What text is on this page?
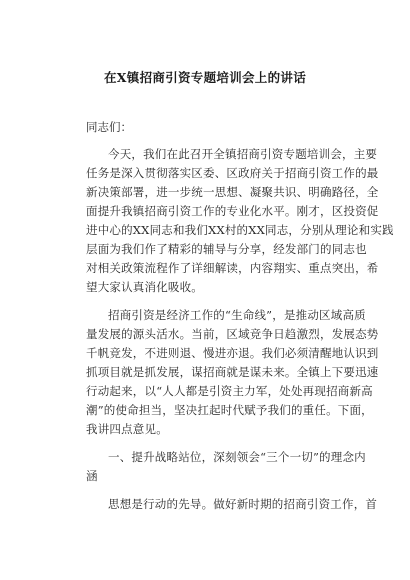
在X镇招商引资专题培训会上的讲话
同志们：
今天，我们在此召开全镇招商引资专题培训会，主要
任务是深入贯彻落实区委、区政府关于招商引资工作的最
新决策部署，进一步统一思想、凝聚共识、明确路径，全
面提升我镇招商引资工作的专业化水平。刚才，区投资促
进中心的XX同志和我们XX村的XX同志，分别从理论和实践
层面为我们作了精彩的辅导与分享，经发部门的同志也
对相关政策流程作了详细解读，内容翔实、重点突出，希
望大家认真消化吸收。
招商引资是经济工作的“生命线”，是推动区域高质
量发展的源头活水。当前，区域竞争日趋激烈，发展态势
千帆竞发，不进则退、慢进亦退。我们必须清醒地认识到
抓项目就是抓发展，谋招商就是谋未来。全镇上下要迅速
行动起来，以“人人都是引资主力军，处处再现招商新高
潮”的使命担当，坚决扛起时代赋予我们的重任。下面，
我讲四点意见。
一、提升战略站位，深刻领会“三个一切”的理念内
涵
思想是行动的先导。做好新时期的招商引资工作，首
